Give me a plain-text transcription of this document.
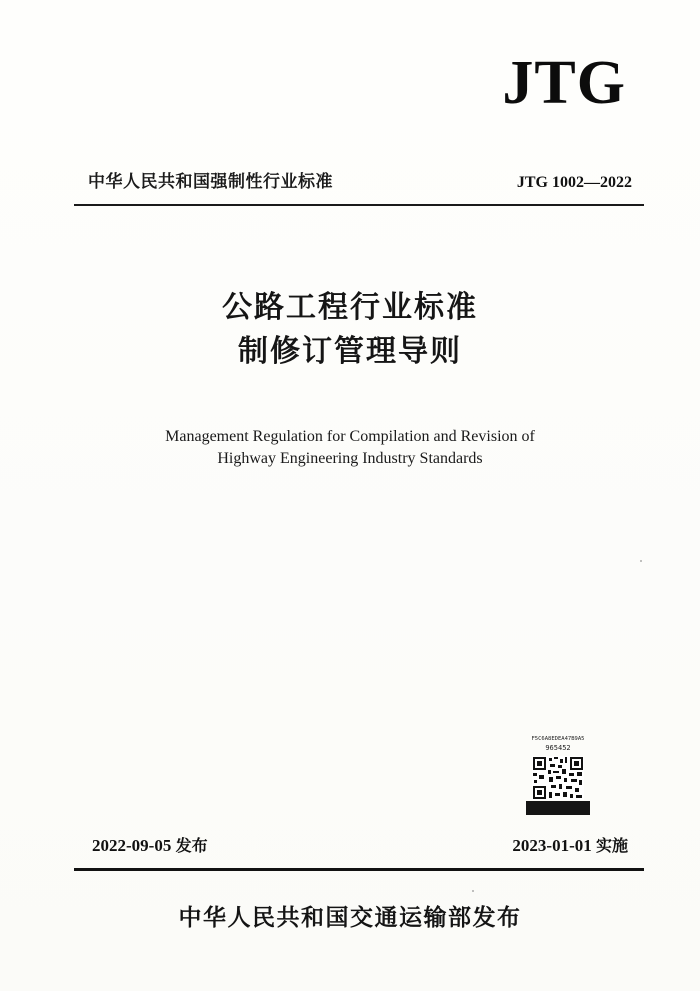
JTG
中华人民共和国强制性行业标准	JTG 1002—2022
公路工程行业标准
制修订管理导则
Management Regulation for Compilation and Revision of
Highway Engineering Industry Standards
F5C6A8EDEA47B9A5
965452
2022-09-05 发布	2023-01-01 实施
中华人民共和国交通运输部发布
